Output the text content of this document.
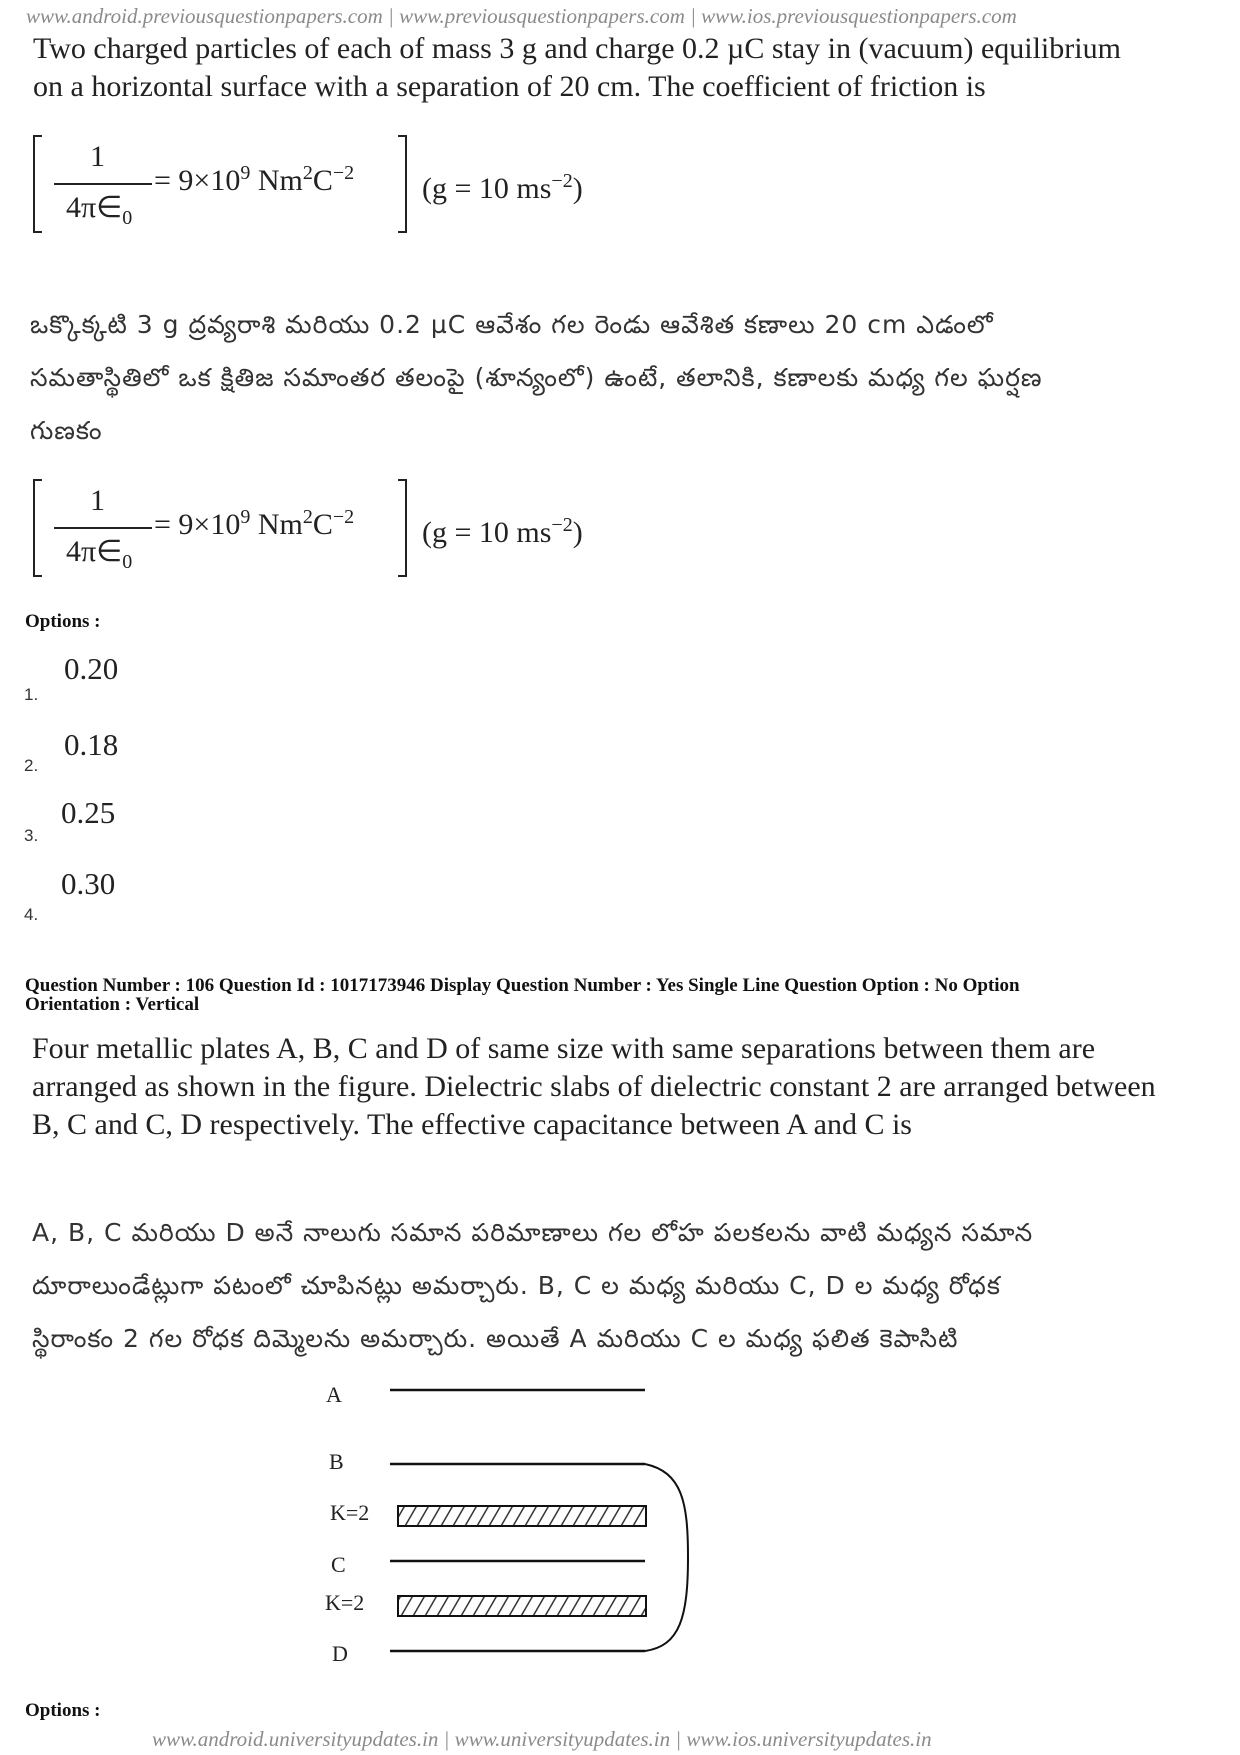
www.android.previousquestionpapers.com | www.previousquestionpapers.com | www.ios.previousquestionpapers.com
Two charged particles of each of mass 3 g and charge 0.2 µC stay in (vacuum) equilibrium
on a horizontal surface with a separation of 20 cm. The coefficient of friction is
1
$4\pi\in_0$
= $9\times 10^9$ $Nm^2C^{-2}$ (g = 10 $ms^{-2}$)
ఒక్కొక్కటి 3 g ద్రవ్యరాశి మరియు 0.2 µC ఆవేశం గల రెండు ఆవేశిత కణాలు 20 cm ఎడంలో
సమతాస్థితిలో ఒక క్షితిజ సమాంతర తలంపై (శూన్యంలో) ఉంటే, తలానికి, కణాలకు మధ్య గల ఘర్షణ
గుణకం
1
$4\pi\in_0$
= $9\times 10^9$ $Nm^2C^{-2}$ (g = 10 $ms^{-2}$)
Options :
0.20
1.
0.18
2.
0.25
3.
0.30
4.
Question Number : 106 Question Id : 1017173946 Display Question Number : Yes Single Line Question Option : No Option
Orientation : Vertical
Four metallic plates A, B, C and D of same size with same separations between them are
arranged as shown in the figure. Dielectric slabs of dielectric constant 2 are arranged between
B, C and C, D respectively. The effective capacitance between A and C is
A, B, C మరియు D అనే నాలుగు సమాన పరిమాణాలు గల లోహ పలకలను వాటి మధ్యన సమాన
దూరాలుండేట్లుగా పటంలో చూపినట్లు అమర్చారు. B, C ల మధ్య మరియు C, D ల మధ్య రోధక
స్థిరాంకం 2 గల రోధక దిమ్మెలను అమర్చారు. అయితే A మరియు C ల మధ్య ఫలిత కెపాసిటి
A
B
K=2
C
K=2
D
Options :
www.android.universityupdates.in | www.universityupdates.in | www.ios.universityupdates.in
